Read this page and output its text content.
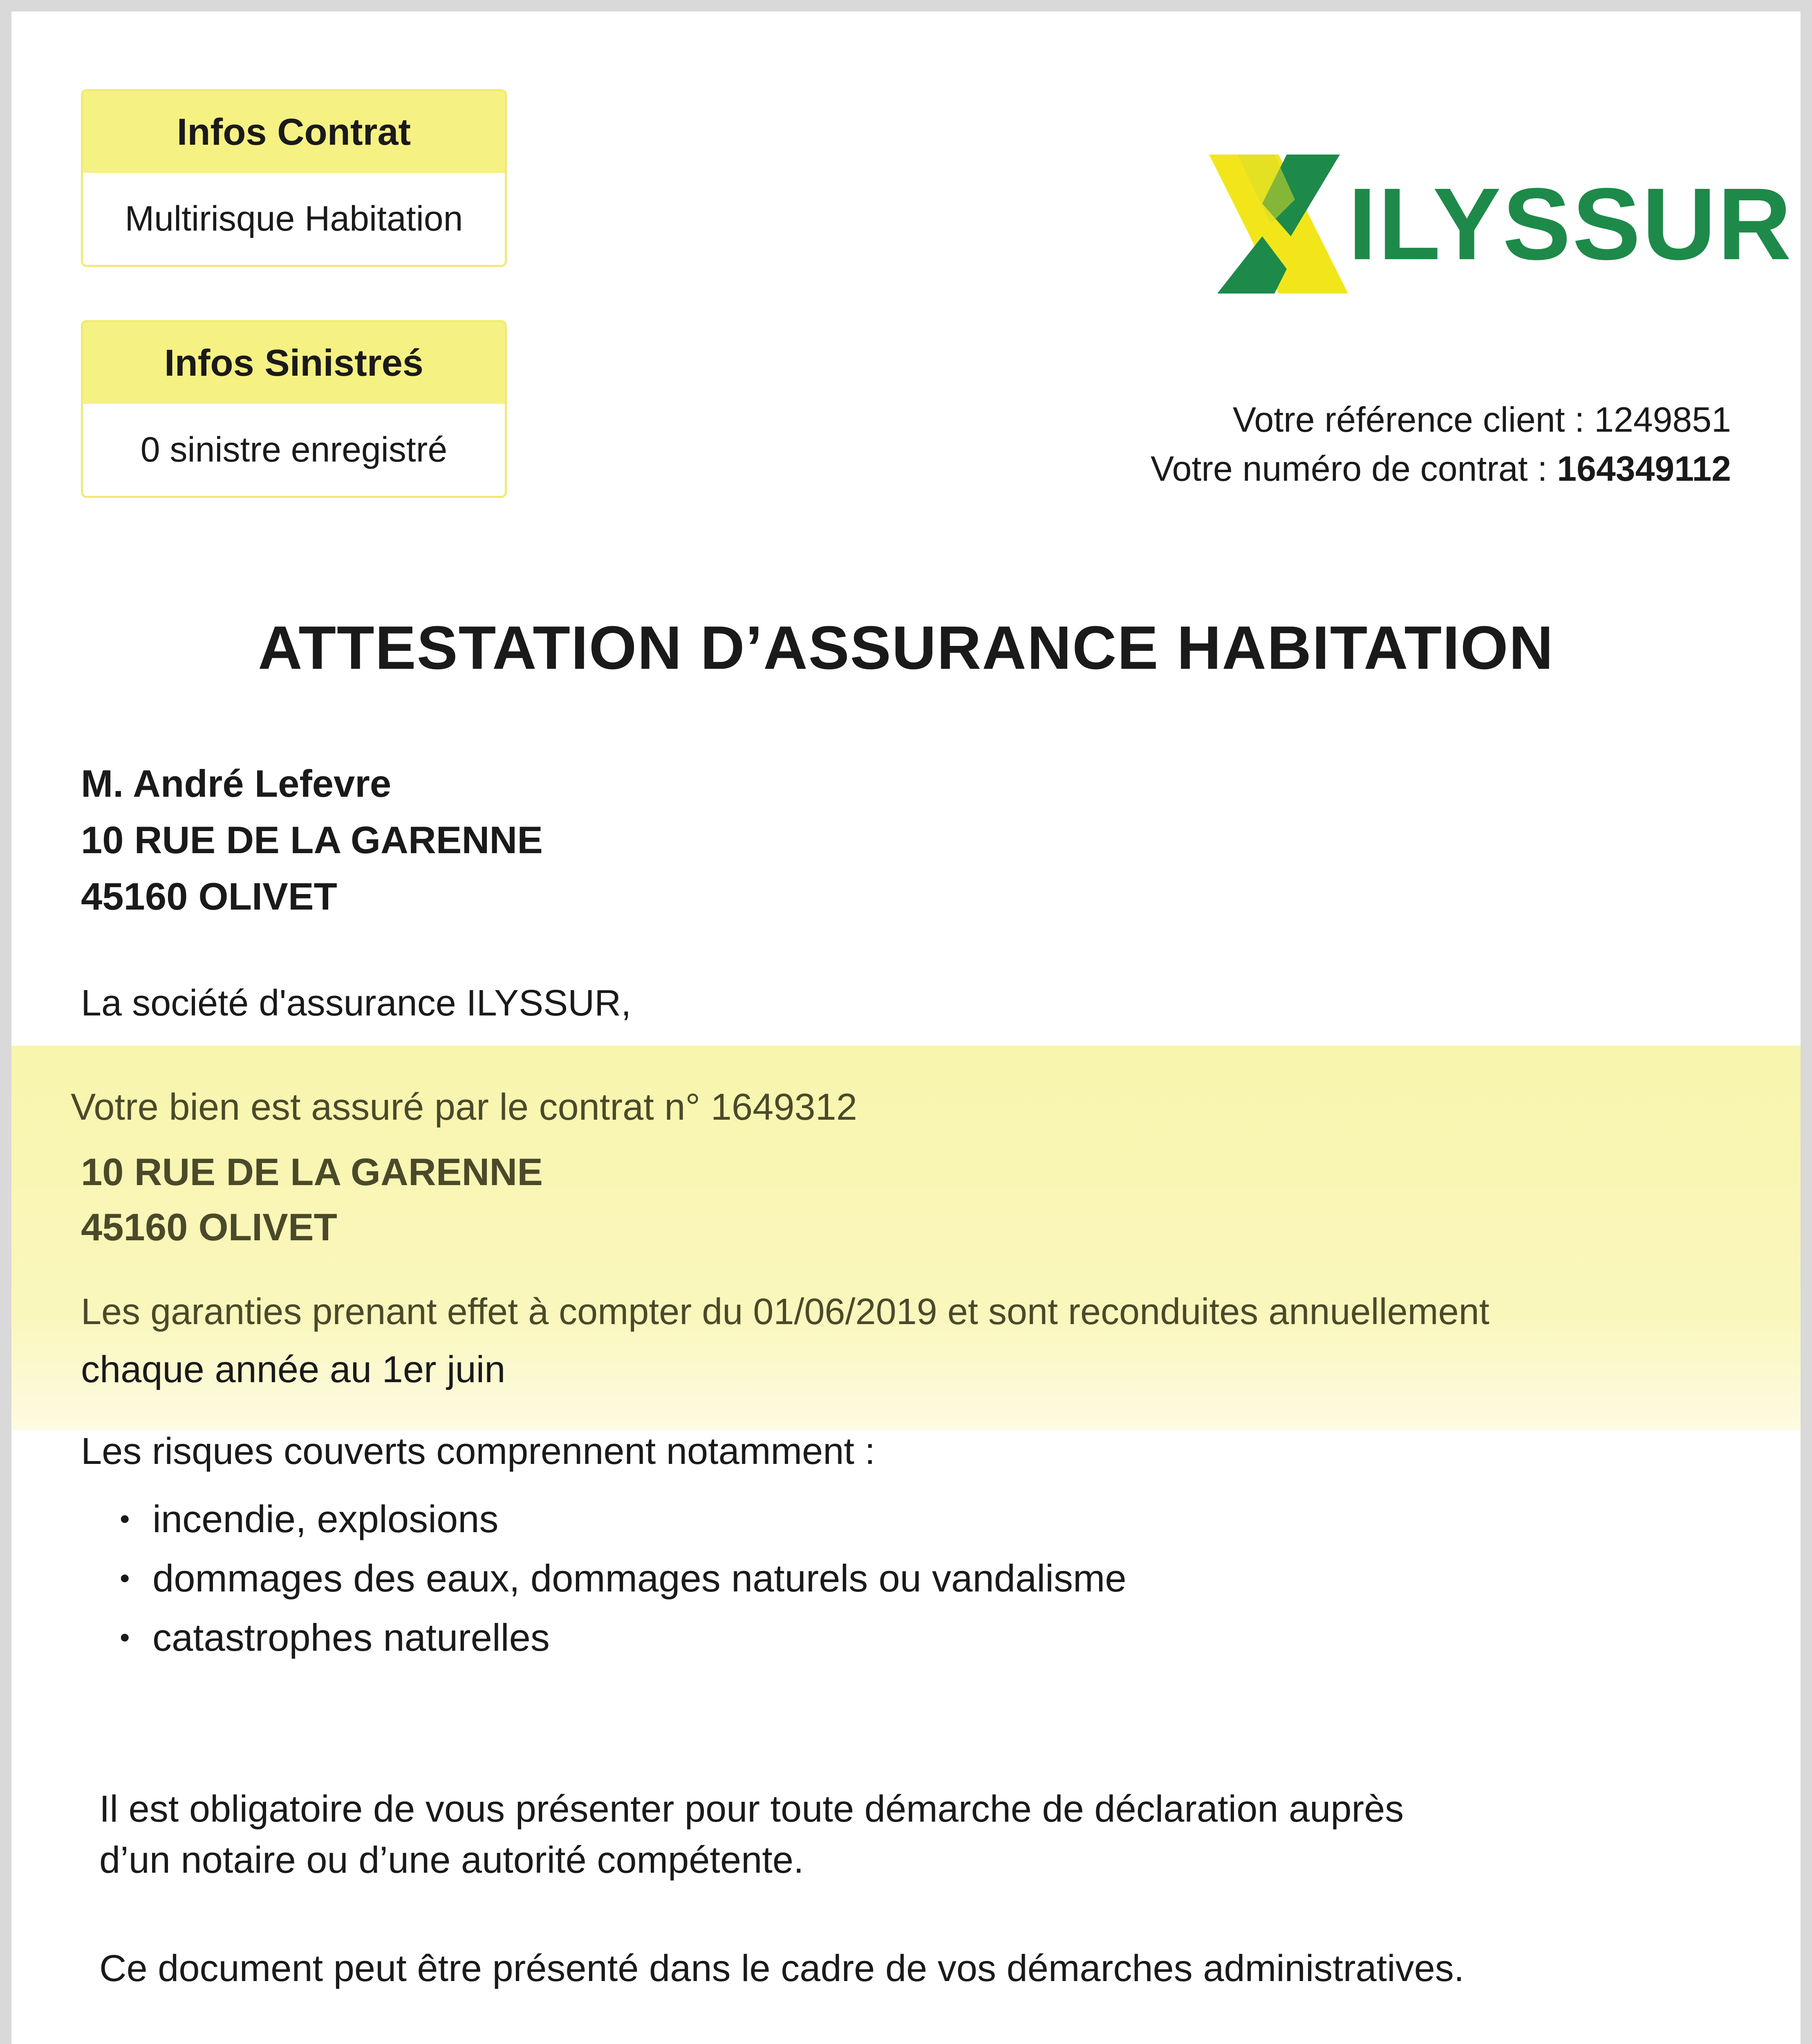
Infos Contrat
Multirisque Habitation
Infos Sinistreś
0 sinistre enregistré
ILYSSUR
Votre référence client : 1249851
Votre numéro de contrat : 164349112
ATTESTATION D’ASSURANCE HABITATION
M. André Lefevre
10 RUE DE LA GARENNE
45160 OLIVET
La société d'assurance ILYSSUR,
Votre bien est assuré par le contrat n° 1649312
10 RUE DE LA GARENNE
45160 OLIVET
Les garanties prenant effet à compter du 01/06/2019 et sont reconduites annuellement
chaque année au 1er juin
Les risques couverts comprennent notamment :
• incendie, explosions
• dommages des eaux, dommages naturels ou vandalisme
• catastrophes naturelles
Il est obligatoire de vous présenter pour toute démarche de déclaration auprès
d’un notaire ou d’une autorité compétente.
Ce document peut être présenté dans le cadre de vos démarches administratives.
